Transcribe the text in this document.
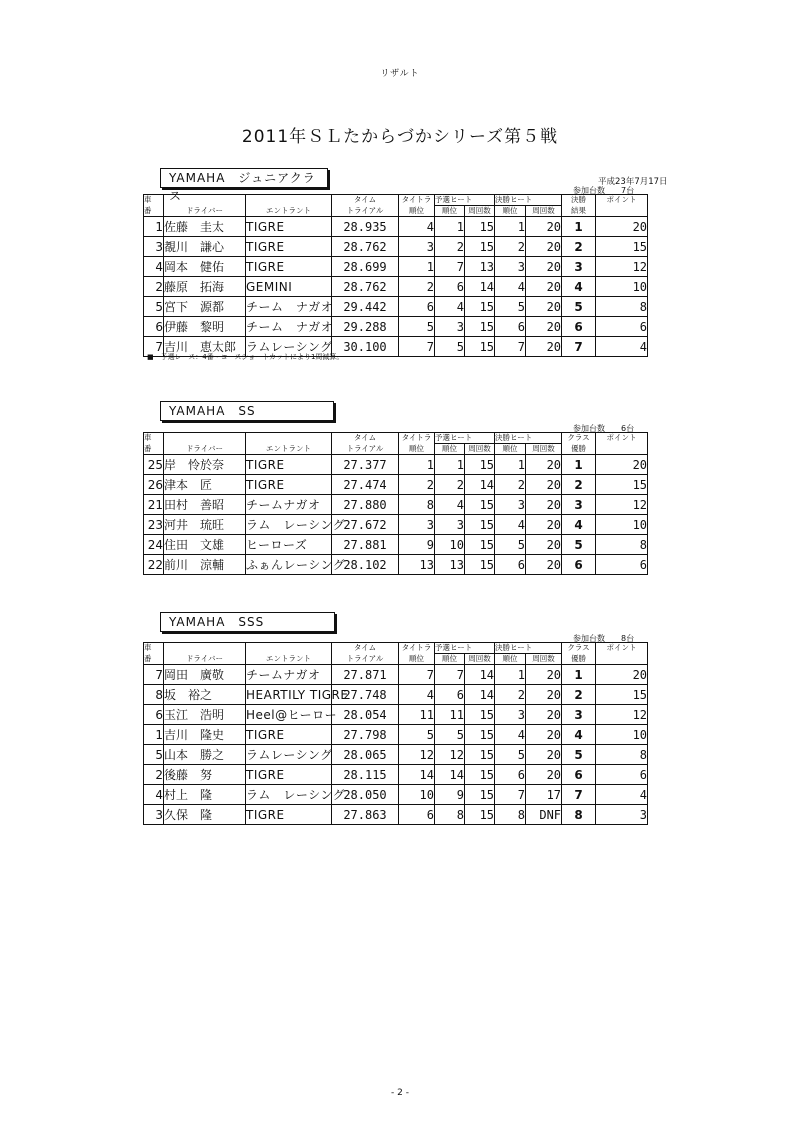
リザルト
2011年ＳＬたからづかシリーズ第５戦
YAMAHA　ジュニアクラス
平成23年7月17日
参加台数　　7台
車			タイム	タイトラ	予選ヒート		決勝ヒート		決勝	ポイント
番	ドライバー	エントラント	トライアル	順位	順位	周回数	順位	周回数	結果	
1	佐藤　圭太	TIGRE	28.935	4	1	15	1	20	1	20
3	覩川　謙心	TIGRE	28.762	3	2	15	2	20	2	15
4	岡本　健佑	TIGRE	28.699	1	7	13	3	20	3	12
2	藤原　拓海	GEMINI	28.762	2	6	14	4	20	4	10
5	宮下　源都	チーム　ナガオ	29.442	6	4	15	5	20	5	8
6	伊藤　黎明	チーム　ナガオ	29.288	5	3	15	6	20	6	6
7	吉川　恵太郎	ラムレーシング	30.100	7	5	15	7	20	7	4
■　予選レース：4番・コースショートカットにより1周減算。
YAMAHA　SS
参加台数　　6台
車			タイム	タイトラ	予選ヒート		決勝ヒート		クラス	ポイント
番	ドライバー	エントラント	トライアル	順位	順位	周回数	順位	周回数	優勝	
25	岸　怜於奈	TIGRE	27.377	1	1	15	1	20	1	20
26	津本　匠	TIGRE	27.474	2	2	14	2	20	2	15
21	田村　善昭	チームナガオ	27.880	8	4	15	3	20	3	12
23	河井　琉旺	ラム　レーシング	27.672	3	3	15	4	20	4	10
24	住田　文雄	ヒーローズ	27.881	9	10	15	5	20	5	8
22	前川　涼輔	ふぁんレーシング	28.102	13	13	15	6	20	6	6
YAMAHA　SSS
参加台数　　8台
車			タイム	タイトラ	予選ヒート		決勝ヒート		クラス	ポイント
番	ドライバー	エントラント	トライアル	順位	順位	周回数	順位	周回数	優勝	
7	岡田　廣敬	チームナガオ	27.871	7	7	14	1	20	1	20
8	坂　裕之	HEARTILY TIGRE	27.748	4	6	14	2	20	2	15
6	玉江　浩明	Heel@ヒーロー	28.054	11	11	15	3	20	3	12
1	吉川　隆史	TIGRE	27.798	5	5	15	4	20	4	10
5	山本　勝之	ラムレーシング	28.065	12	12	15	5	20	5	8
2	後藤　努	TIGRE	28.115	14	14	15	6	20	6	6
4	村上　隆	ラム　レーシング	28.050	10	9	15	7	17	7	4
3	久保　隆	TIGRE	27.863	6	8	15	8	DNF	8	3
- 2 -
